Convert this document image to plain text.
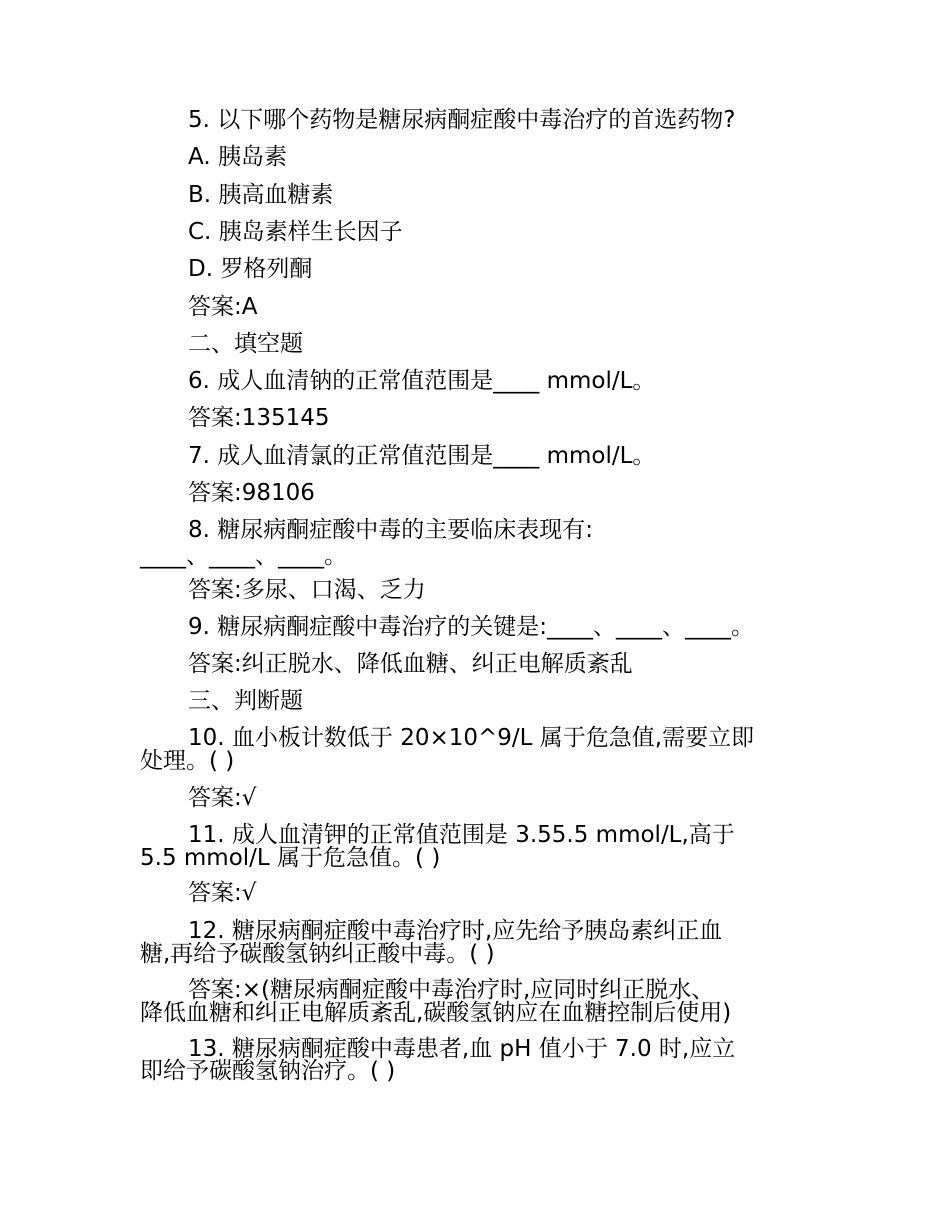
5. 以下哪个药物是糖尿病酮症酸中毒治疗的首选药物?
A. 胰岛素
B. 胰高血糖素
C. 胰岛素样生长因子
D. 罗格列酮
答案:A
二、填空题
6. 成人血清钠的正常值范围是____ mmol/L。
答案:135145
7. 成人血清氯的正常值范围是____ mmol/L。
答案:98106
8. 糖尿病酮症酸中毒的主要临床表现有:
____、____、____。
答案:多尿、口渴、乏力
9. 糖尿病酮症酸中毒治疗的关键是:____、____、____。
答案:纠正脱水、降低血糖、纠正电解质紊乱
三、判断题
10. 血小板计数低于 20×10^9/L 属于危急值,需要立即
处理。( )
答案:√
11. 成人血清钾的正常值范围是 3.55.5 mmol/L,高于
5.5 mmol/L 属于危急值。( )
答案:√
12. 糖尿病酮症酸中毒治疗时,应先给予胰岛素纠正血
糖,再给予碳酸氢钠纠正酸中毒。( )
答案:×(糖尿病酮症酸中毒治疗时,应同时纠正脱水、
降低血糖和纠正电解质紊乱,碳酸氢钠应在血糖控制后使用)
13. 糖尿病酮症酸中毒患者,血 pH 值小于 7.0 时,应立
即给予碳酸氢钠治疗。( )
